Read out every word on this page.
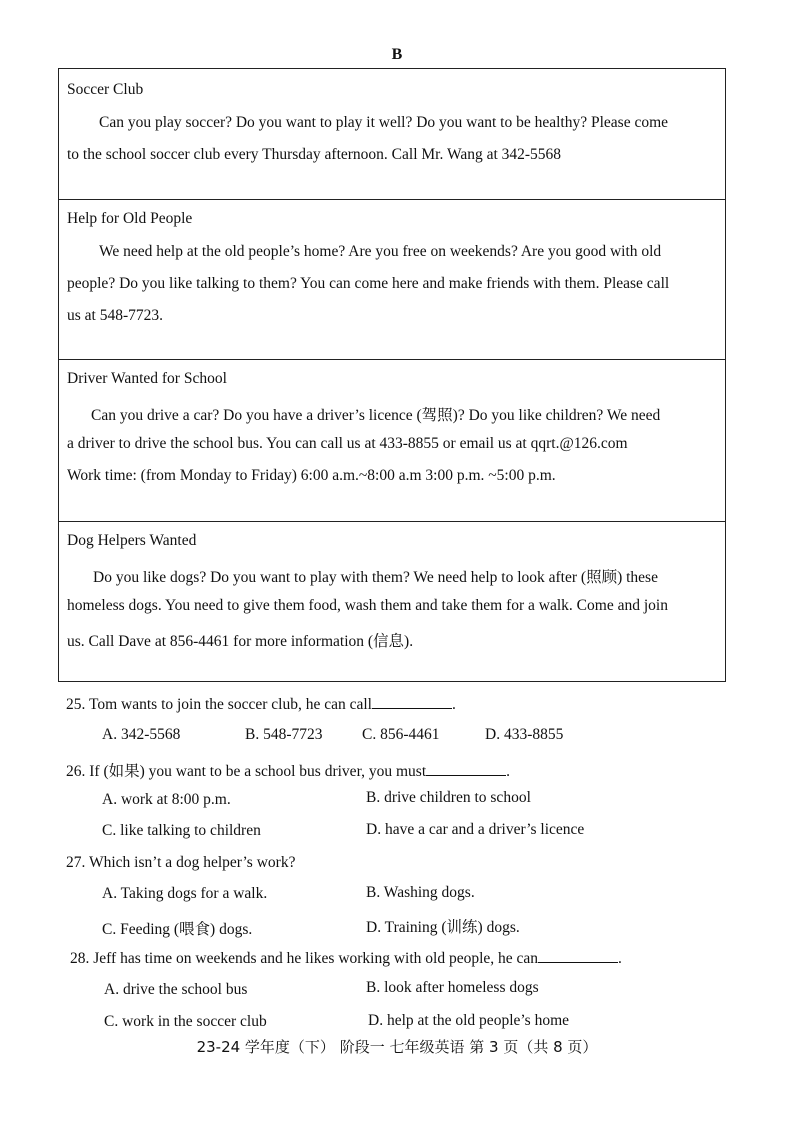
B
Soccer Club
Can you play soccer? Do you want to play it well? Do you want to be healthy? Please come
to the school soccer club every Thursday afternoon. Call Mr. Wang at 342-5568
Help for Old People
We need help at the old people’s home? Are you free on weekends? Are you good with old
people? Do you like talking to them? You can come here and make friends with them. Please call
us at 548-7723.
Driver Wanted for School
Can you drive a car? Do you have a driver’s licence (驾照)? Do you like children? We need
a driver to drive the school bus. You can call us at 433-8855 or email us at qqrt.@126.com
Work time: (from Monday to Friday) 6:00 a.m.~8:00 a.m 3:00 p.m. ~5:00 p.m.
Dog Helpers Wanted
Do you like dogs? Do you want to play with them? We need help to look after (照顾) these
homeless dogs. You need to give them food, wash them and take them for a walk. Come and join
us. Call Dave at 856-4461 for more information (信息).
25. Tom wants to join the soccer club, he can call	.
A. 342-5568	B. 548-7723	C. 856-4461	D. 433-8855
26. If (如果) you want to be a school bus driver, you must	.
A. work at 8:00 p.m.	B. drive children to school
C. like talking to children	D. have a car and a driver’s licence
27. Which isn’t a dog helper’s work?
A. Taking dogs for a walk.	B. Washing dogs.
C. Feeding (喂食) dogs.	D. Training (训练) dogs.
28. Jeff has time on weekends and he likes working with old people, he can	.
A. drive the school bus	B. look after homeless dogs
C. work in the soccer club	D. help at the old people’s home
23-24 学年度（下） 阶段一 七年级英语 第 3 页（共 8 页）
